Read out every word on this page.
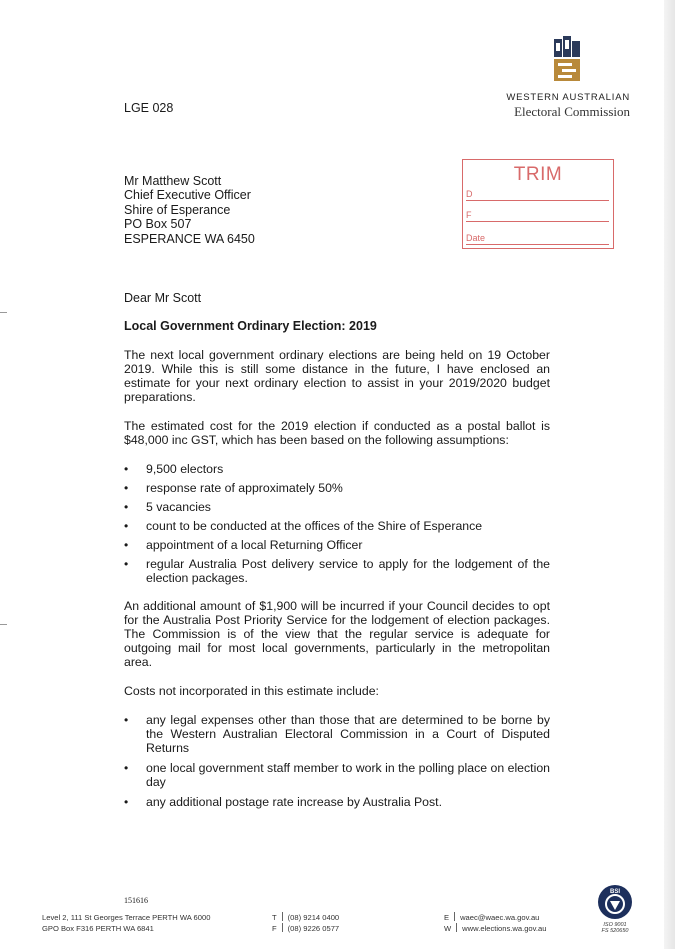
WESTERN AUSTRALIAN
Electoral Commission
LGE 028
Mr Matthew Scott
Chief Executive Officer
Shire of Esperance
PO Box 507
ESPERANCE WA 6450
TRIM
D
F
Date
Dear Mr Scott
Local Government Ordinary Election: 2019
The next local government ordinary elections are being held on 19 October 2019. While this is still some distance in the future, I have enclosed an estimate for your next ordinary election to assist in your 2019/2020 budget preparations.
The estimated cost for the 2019 election if conducted as a postal ballot is $48,000 inc GST, which has been based on the following assumptions:
• 9,500 electors
• response rate of approximately 50%
• 5 vacancies
• count to be conducted at the offices of the Shire of Esperance
• appointment of a local Returning Officer
• regular Australia Post delivery service to apply for the lodgement of the election packages.
An additional amount of $1,900 will be incurred if your Council decides to opt for the Australia Post Priority Service for the lodgement of election packages. The Commission is of the view that the regular service is adequate for outgoing mail for most local governments, particularly in the metropolitan area.
Costs not incorporated in this estimate include:
• any legal expenses other than those that are determined to be borne by the Western Australian Electoral Commission in a Court of Disputed Returns
• one local government staff member to work in the polling place on election day
• any additional postage rate increase by Australia Post.
151616
Level 2, 111 St Georges Terrace PERTH WA 6000
GPO Box F316 PERTH WA 6841
T (08) 9214 0400
F (08) 9226 0577
E waec@waec.wa.gov.au
W www.elections.wa.gov.au
BSI
ISO 9001
FS 520650
